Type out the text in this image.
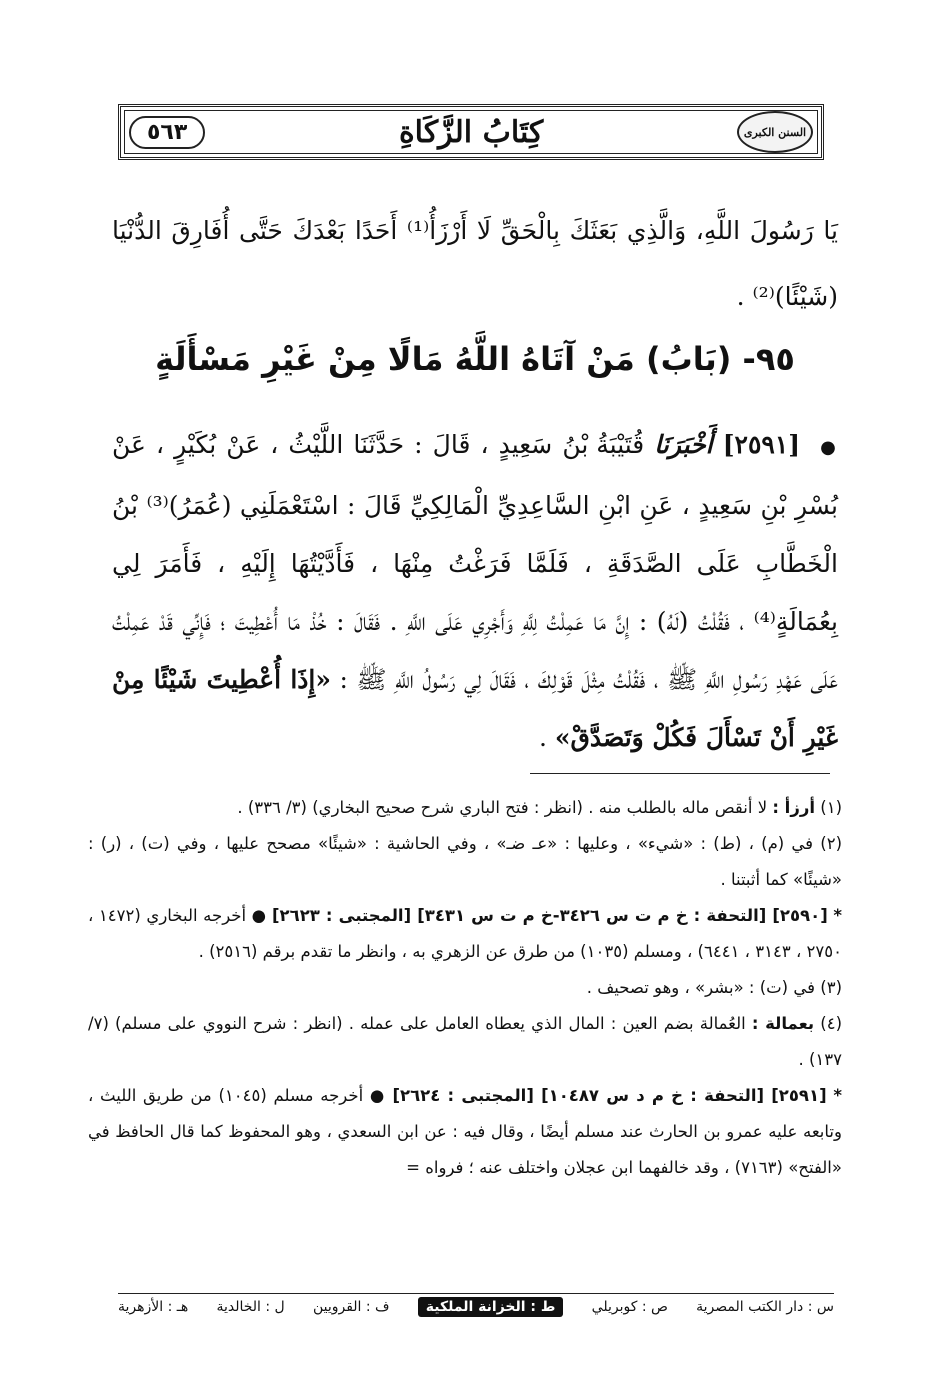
٥٦٣	كِتَابُ الزَّكَاةِ	السنن الكبرى
يَا رَسُولَ اللَّهِ، وَالَّذِي بَعَثَكَ بِالْحَقِّ لَا أَرْزَأُ⁽¹⁾ أَحَدًا بَعْدَكَ حَتَّى أُفَارِقَ الدُّنْيَا (شَيْئًا)⁽²⁾ .
٩٥- (بَابُ) مَنْ آتَاهُ اللَّهُ مَالًا مِنْ غَيْرِ مَسْأَلَةٍ
● [٢٥٩١] أَخْبَرَنَا قُتَيْبَةُ بْنُ سَعِيدٍ ، قَالَ : حَدَّثَنَا اللَّيْثُ ، عَنْ بُكَيْرٍ ، عَنْ بُسْرِ بْنِ سَعِيدٍ ، عَنِ ابْنِ السَّاعِدِيِّ الْمَالِكِيِّ قَالَ : اسْتَعْمَلَنِي (عُمَرُ)⁽³⁾ بْنُ الْخَطَّابِ عَلَى الصَّدَقَةِ ، فَلَمَّا فَرَغْتُ مِنْهَا ، فَأَدَّيْتُهَا إِلَيْهِ ، فَأَمَرَ لِي بِعُمَالَةٍ⁽⁴⁾ ، فَقُلْتُ (لَهُ) : إِنَّ مَا عَمِلْتُ لِلَّهِ وَأَجْرِي عَلَى اللَّهِ . فَقَالَ : خُذْ مَا أُعْطِيتَ ؛ فَإِنِّي قَدْ عَمِلْتُ عَلَى عَهْدِ رَسُولِ اللَّهِ ﷺ ، فَقُلْتُ مِثْلَ قَوْلِكَ ، فَقَالَ لِي رَسُولُ اللَّهِ ﷺ : «إِذَا أُعْطِيتَ شَيْئًا مِنْ غَيْرِ أَنْ تَسْأَلَ فَكُلْ وَتَصَدَّقْ» .

(١) أرزأ : لا أنقص ماله بالطلب منه . (انظر : فتح الباري شرح صحيح البخاري) (٣/ ٣٣٦) .

(٢) في (م) ، (ط) : «شيء» ، وعليها : «عـ ضـ» ، وفي الحاشية : «شيئًا» مصحح عليها ، وفي (ت) ، (ر) : «شيئًا» كما أثبتنا .

* [٢٥٩٠] [التحفة : خ م ت س ٣٤٢٦-خ م ت س ٣٤٣١] [المجتبى : ٢٦٢٣] ● أخرجه البخاري (١٤٧٢ ، ٢٧٥٠ ، ٣١٤٣ ، ٦٤٤١) ، ومسلم (١٠٣٥) من طرق عن الزهري به ، وانظر ما تقدم برقم (٢٥١٦) .

(٣) في (ت) : «بشر» ، وهو تصحيف .

(٤) بعمالة : العُمالة بضم العين : المال الذي يعطاه العامل على عمله . (انظر : شرح النووي على مسلم) (٧/ ١٣٧) .

* [٢٥٩١] [التحفة : خ م د س ١٠٤٨٧] [المجتبى : ٢٦٢٤] ● أخرجه مسلم (١٠٤٥) من طريق الليث ، وتابعه عليه عمرو بن الحارث عند مسلم أيضًا ، وقال فيه : عن ابن السعدي ، وهو المحفوظ كما قال الحافظ في «الفتح» (٧١٦٣) ، وقد خالفهما ابن عجلان واختلف عنه ؛ فرواه =

س : دار الكتب المصرية
ص : كوبريلي
ط : الخزانة الملكية
ف : القرويين
ل : الخالدية
هـ : الأزهرية
